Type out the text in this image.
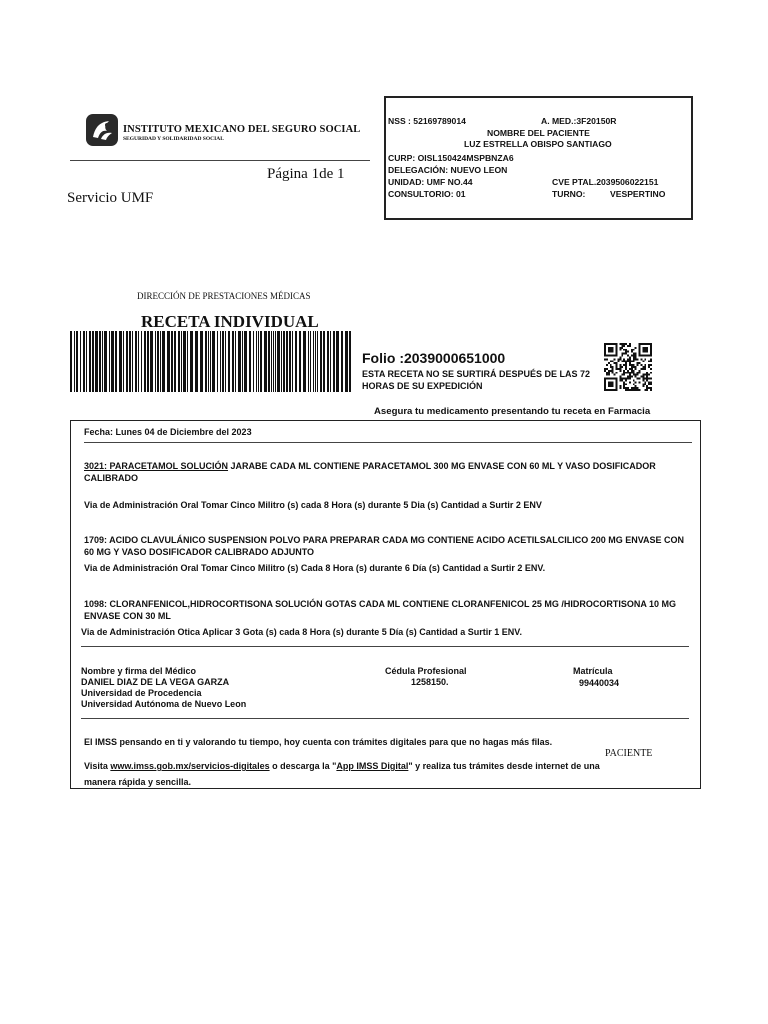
INSTITUTO MEXICANO DEL SEGURO SOCIAL
SEGURIDAD Y SOLIDARIDAD SOCIAL
Página 1de 1
Servicio UMF
NSS : 52169789014	A. MED.:3F20150R
NOMBRE DEL PACIENTE
LUZ ESTRELLA OBISPO SANTIAGO
CURP: OISL150424MSPBNZA6
DELEGACIÓN: NUEVO LEON
UNIDAD: UMF NO.44	CVE PTAL.2039506022151
CONSULTORIO: 01	TURNO:	VESPERTINO
DIRECCIÓN DE PRESTACIONES MÉDICAS
RECETA INDIVIDUAL
Folio :2039000651000
ESTA RECETA NO SE SURTIRÁ DESPUÉS DE LAS 72 HORAS DE SU EXPEDICIÓN
Asegura tu medicamento presentando tu receta en Farmacia
Fecha: Lunes 04 de Diciembre del 2023
3021: PARACETAMOL SOLUCIÓN JARABE CADA ML CONTIENE PARACETAMOL 300 MG ENVASE CON 60 ML Y VASO DOSIFICADOR CALIBRADO
Via de Administración Oral Tomar Cinco Militro (s) cada 8 Hora (s) durante 5 Dia (s) Cantidad a Surtir 2 ENV
1709: ACIDO CLAVULÁNICO SUSPENSION POLVO PARA PREPARAR CADA MG CONTIENE ACIDO ACETILSALCILICO 200 MG ENVASE CON 60 MG Y VASO DOSIFICADOR CALIBRADO ADJUNTO
Via de Administración Oral Tomar Cinco Militro (s) Cada 8 Hora (s) durante 6 Día (s) Cantidad a Surtir 2 ENV.
1098: CLORANFENICOL,HIDROCORTISONA SOLUCIÓN GOTAS CADA ML CONTIENE CLORANFENICOL 25 MG /HIDROCORTISONA 10 MG ENVASE CON 30 ML
Via de Administración Otica Aplicar 3 Gota (s) cada 8 Hora (s) durante 5 Día (s) Cantidad a Surtir 1 ENV.
Nombre y firma del Médico
DANIEL DIAZ DE LA VEGA GARZA
Universidad de Procedencia
Universidad Autónoma de Nuevo Leon
Cédula Profesional
1258150.
Matrícula
99440034
El IMSS pensando en ti y valorando tu tiempo, hoy cuenta con trámites digitales para que no hagas más filas.
PACIENTE
Visita www.imss.gob.mx/servicios-digitales o descarga la "App IMSS Digital" y realiza tus trámites desde internet de una
manera rápida y sencilla.
